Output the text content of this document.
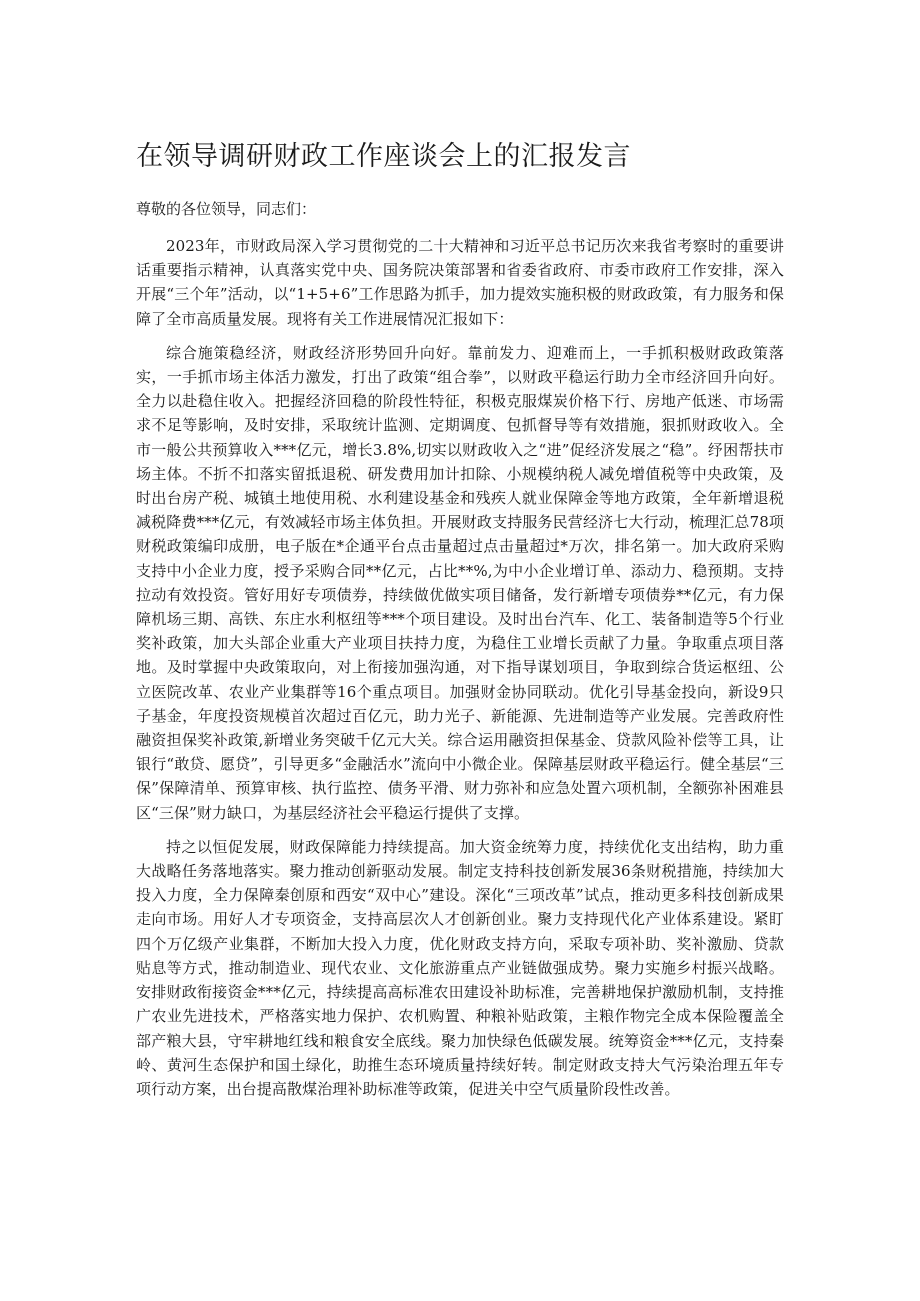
在领导调研财政工作座谈会上的汇报发言

尊敬的各位领导，同志们：

2023年，市财政局深入学习贯彻党的二十大精神和习近平总书记历次来我省考察时的重要讲话重要指示精神，认真落实党中央、国务院决策部署和省委省政府、市委市政府工作安排，深入开展“三个年”活动，以“1+5+6”工作思路为抓手，加力提效实施积极的财政政策，有力服务和保障了全市高质量发展。现将有关工作进展情况汇报如下：

综合施策稳经济，财政经济形势回升向好。靠前发力、迎难而上，一手抓积极财政政策落实，一手抓市场主体活力激发，打出了政策“组合拳”，以财政平稳运行助力全市经济回升向好。全力以赴稳住收入。把握经济回稳的阶段性特征，积极克服煤炭价格下行、房地产低迷、市场需求不足等影响，及时安排，采取统计监测、定期调度、包抓督导等有效措施，狠抓财政收入。全市一般公共预算收入***亿元，增长3.8%,切实以财政收入之“进”促经济发展之“稳”。纾困帮扶市场主体。不折不扣落实留抵退税、研发费用加计扣除、小规模纳税人减免增值税等中央政策，及时出台房产税、城镇土地使用税、水利建设基金和残疾人就业保障金等地方政策，全年新增退税减税降费***亿元，有效减轻市场主体负担。开展财政支持服务民营经济七大行动，梳理汇总78项财税政策编印成册，电子版在*企通平台点击量超过点击量超过*万次，排名第一。加大政府采购支持中小企业力度，授予采购合同**亿元，占比**%,为中小企业增订单、添动力、稳预期。支持拉动有效投资。管好用好专项债券，持续做优做实项目储备，发行新增专项债券**亿元，有力保障机场三期、高铁、东庄水利枢纽等***个项目建设。及时出台汽车、化工、装备制造等5个行业奖补政策，加大头部企业重大产业项目扶持力度，为稳住工业增长贡献了力量。争取重点项目落地。及时掌握中央政策取向，对上衔接加强沟通，对下指导谋划项目，争取到综合货运枢纽、公立医院改革、农业产业集群等16个重点项目。加强财金协同联动。优化引导基金投向，新设9只子基金，年度投资规模首次超过百亿元，助力光子、新能源、先进制造等产业发展。完善政府性融资担保奖补政策,新增业务突破千亿元大关。综合运用融资担保基金、贷款风险补偿等工具，让银行“敢贷、愿贷”，引导更多“金融活水”流向中小微企业。保障基层财政平稳运行。健全基层“三保”保障清单、预算审核、执行监控、债务平滑、财力弥补和应急处置六项机制，全额弥补困难县区“三保”财力缺口，为基层经济社会平稳运行提供了支撑。

持之以恒促发展，财政保障能力持续提高。加大资金统筹力度，持续优化支出结构，助力重大战略任务落地落实。聚力推动创新驱动发展。制定支持科技创新发展36条财税措施，持续加大投入力度，全力保障秦创原和西安“双中心”建设。深化“三项改革”试点，推动更多科技创新成果走向市场。用好人才专项资金，支持高层次人才创新创业。聚力支持现代化产业体系建设。紧盯四个万亿级产业集群，不断加大投入力度，优化财政支持方向，采取专项补助、奖补激励、贷款贴息等方式，推动制造业、现代农业、文化旅游重点产业链做强成势。聚力实施乡村振兴战略。安排财政衔接资金***亿元，持续提高高标准农田建设补助标准，完善耕地保护激励机制，支持推广农业先进技术，严格落实地力保护、农机购置、种粮补贴政策，主粮作物完全成本保险覆盖全部产粮大县，守牢耕地红线和粮食安全底线。聚力加快绿色低碳发展。统筹资金***亿元，支持秦岭、黄河生态保护和国土绿化，助推生态环境质量持续好转。制定财政支持大气污染治理五年专项行动方案，出台提高散煤治理补助标准等政策，促进关中空气质量阶段性改善。
